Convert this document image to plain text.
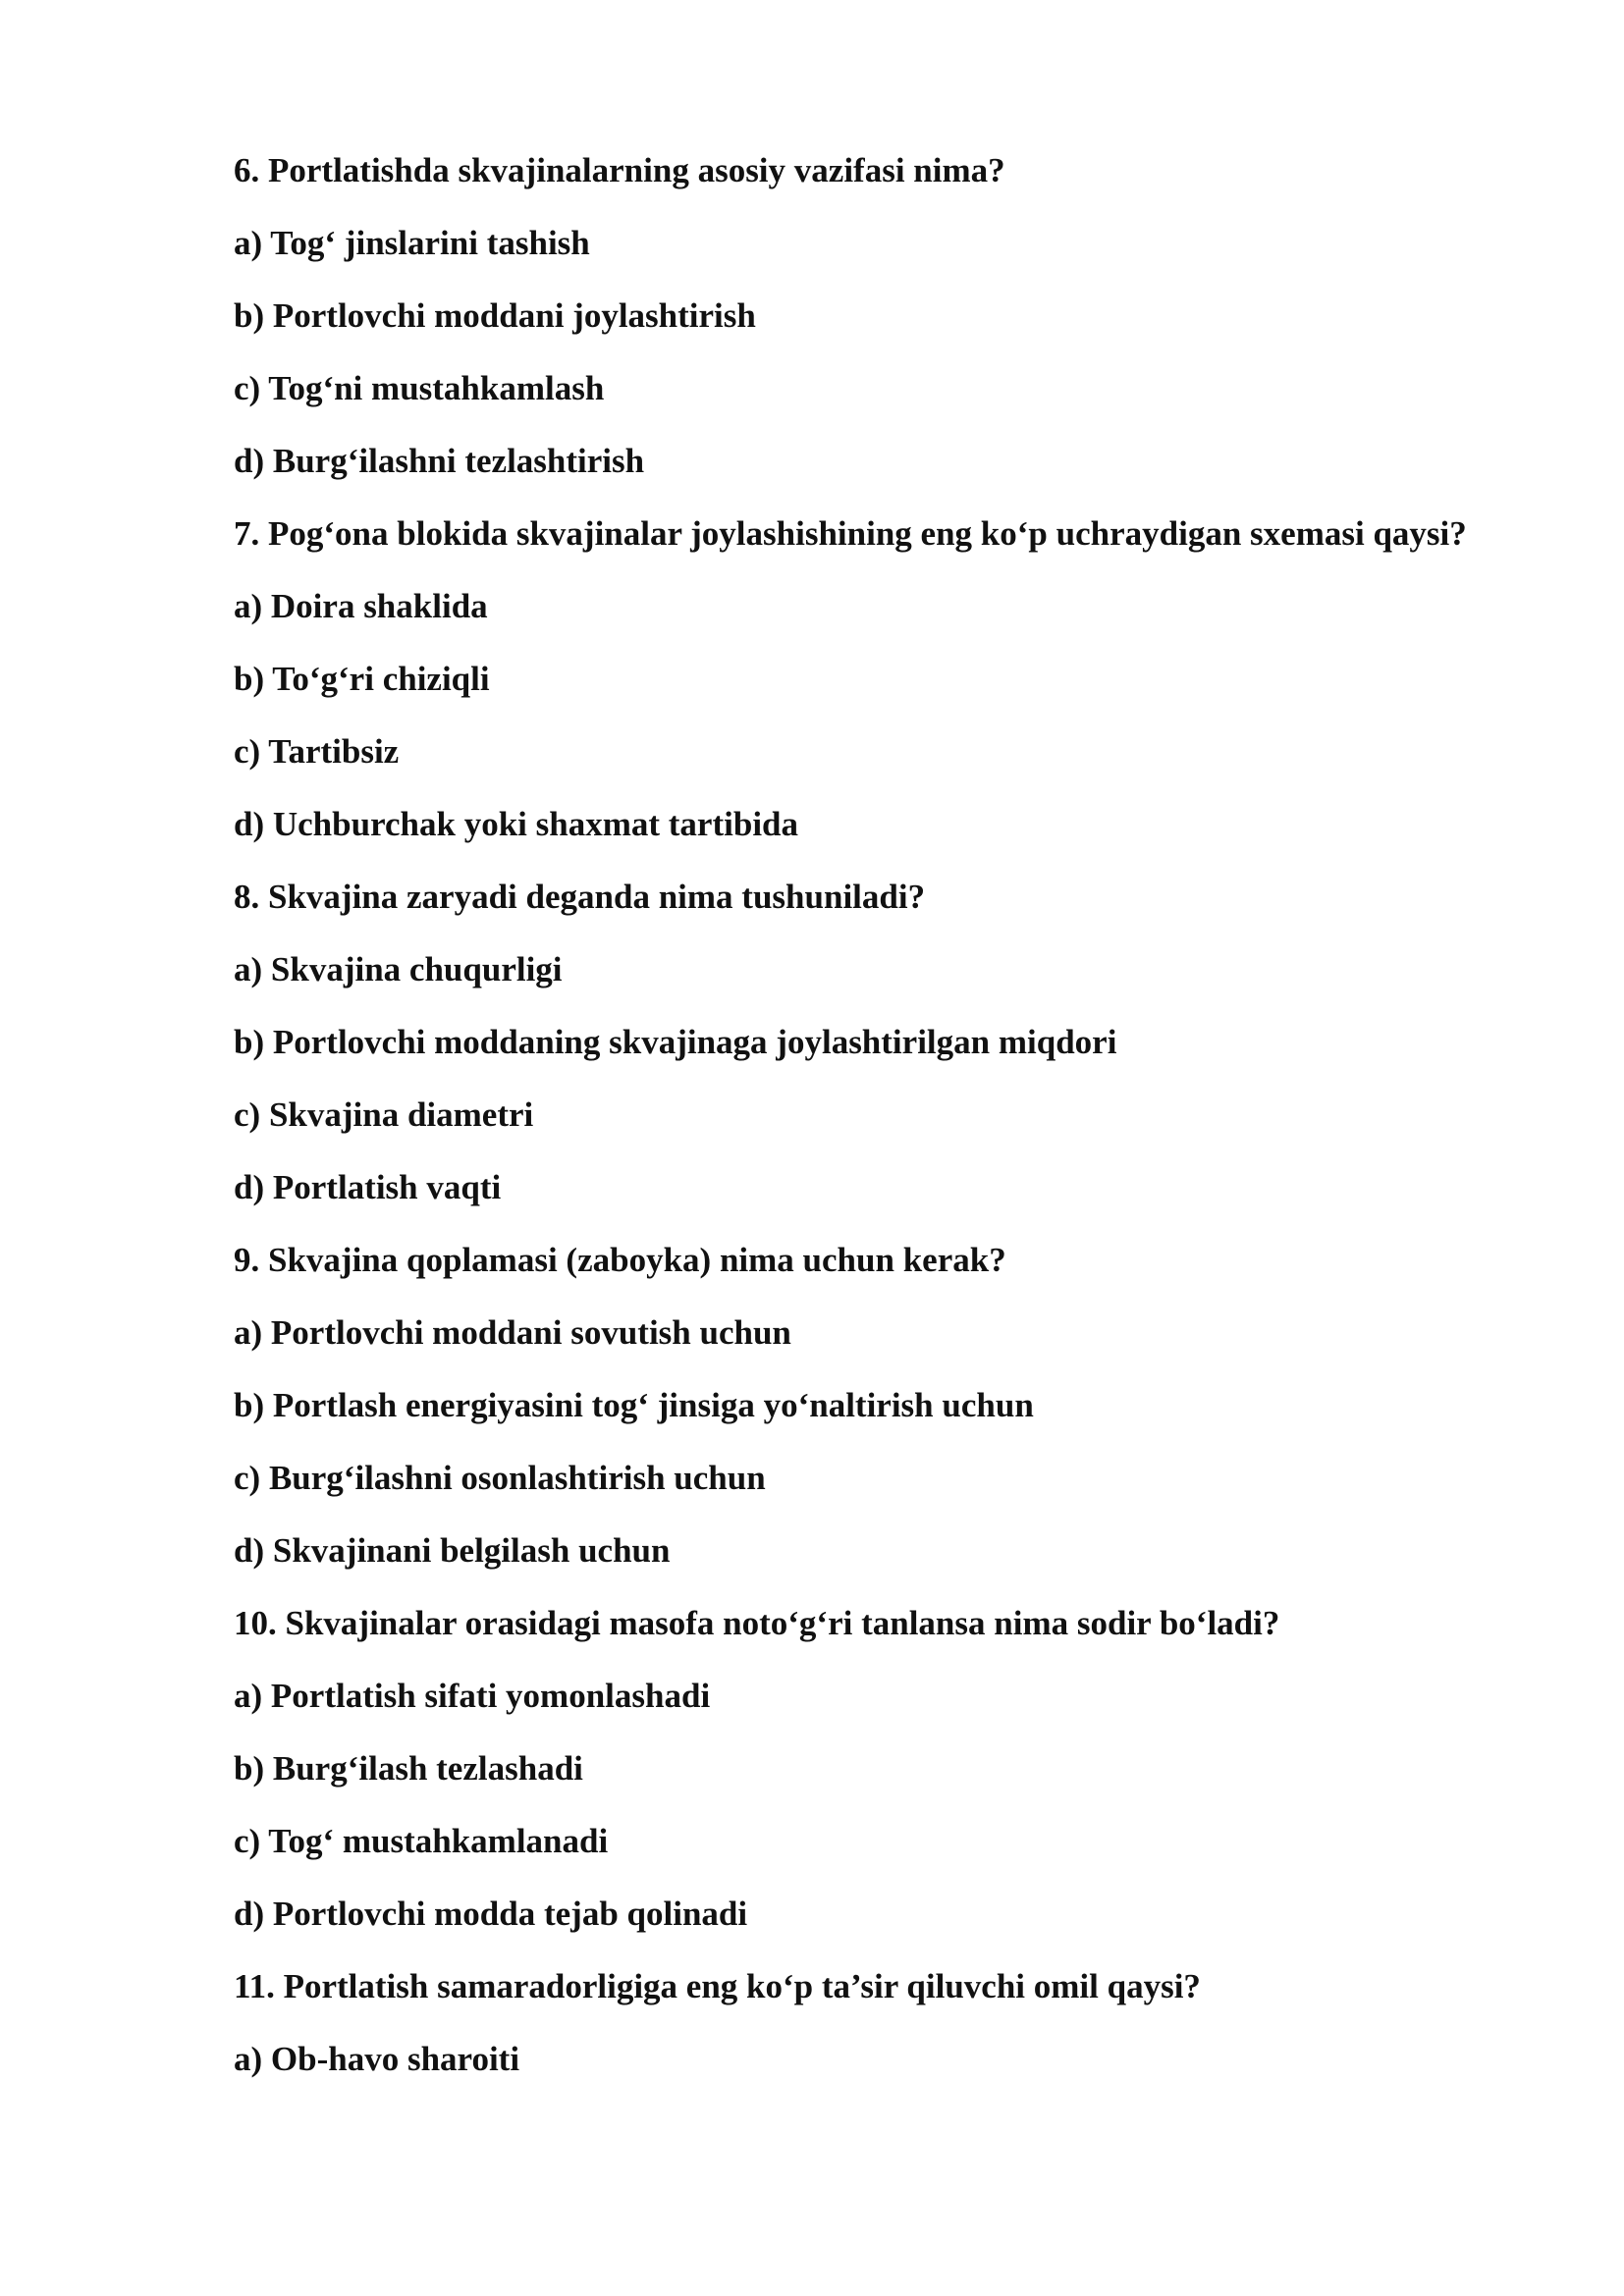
6. Portlatishda skvajinalarning asosiy vazifasi nima?
a) Tog‘ jinslarini tashish
b) Portlovchi moddani joylashtirish
c) Tog‘ni mustahkamlash
d) Burg‘ilashni tezlashtirish
7. Pog‘ona blokida skvajinalar joylashishining eng ko‘p uchraydigan sxemasi qaysi?
a) Doira shaklida
b) To‘g‘ri chiziqli
c) Tartibsiz
d) Uchburchak yoki shaxmat tartibida
8. Skvajina zaryadi deganda nima tushuniladi?
a) Skvajina chuqurligi
b) Portlovchi moddaning skvajinaga joylashtirilgan miqdori
c) Skvajina diametri
d) Portlatish vaqti
9. Skvajina qoplamasi (zaboyka) nima uchun kerak?
a) Portlovchi moddani sovutish uchun
b) Portlash energiyasini tog‘ jinsiga yo‘naltirish uchun
c) Burg‘ilashni osonlashtirish uchun
d) Skvajinani belgilash uchun
10. Skvajinalar orasidagi masofa noto‘g‘ri tanlansa nima sodir bo‘ladi?
a) Portlatish sifati yomonlashadi
b) Burg‘ilash tezlashadi
c) Tog‘ mustahkamlanadi
d) Portlovchi modda tejab qolinadi
11. Portlatish samaradorligiga eng ko‘p ta’sir qiluvchi omil qaysi?
a) Ob-havo sharoiti
